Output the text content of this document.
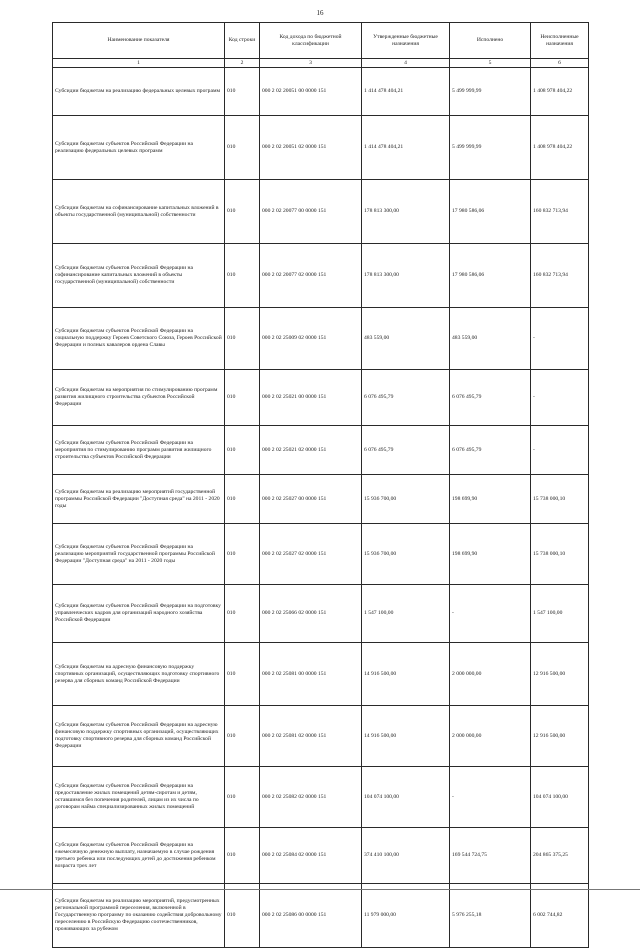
16
Наименование показателя	Код строки	Код дохода по бюджетной классификации	Утвержденные бюджетные назначения	Исполнено	Неисполненные назначения
1	2	3	4	5	6
Субсидии бюджетам на реализацию федеральных целевых программ	010	000 2 02 20051 00 0000 151	1 414 478 404,21	5 499 999,99	1 408 978 404,22
Субсидии бюджетам субъектов Российской Федерации на реализацию федеральных целевых программ	010	000 2 02 20051 02 0000 151	1 414 478 404,21	5 499 999,99	1 408 978 404,22
Субсидии бюджетам на софинансирование капитальных вложений в объекты государственной (муниципальной) собственности	010	000 2 02 20077 00 0000 151	178 813 300,00	17 980 586,06	160 832 713,94
Субсидии бюджетам субъектов Российской Федерации на софинансирование капитальных вложений в объекты государственной (муниципальной) собственности	010	000 2 02 20077 02 0000 151	178 813 300,00	17 980 586,06	160 832 713,94
Субсидии бюджетам субъектов Российской Федерации на социальную поддержку Героев Советского Союза, Героев Российской Федерации и полных кавалеров ордена Славы	010	000 2 02 25009 02 0000 151	483 559,00	483 559,00	-
Субсидии бюджетам на мероприятия по стимулированию программ развития жилищного строительства субъектов Российской Федерации	010	000 2 02 25021 00 0000 151	6 076 495,79	6 076 495,79	-
Субсидии бюджетам субъектов Российской Федерации на мероприятия по стимулированию программ развития жилищного строительства субъектов Российской Федерации	010	000 2 02 25021 02 0000 151	6 076 495,79	6 076 495,79	-
Субсидии бюджетам на реализацию мероприятий государственной программы Российской Федерации "Доступная среда" на 2011 - 2020 годы	010	000 2 02 25027 00 0000 151	15 936 700,00	198 699,90	15 738 000,10
Субсидии бюджетам субъектов Российской Федерации на реализацию мероприятий государственной программы Российской Федерации "Доступная среда" на 2011 - 2020 годы	010	000 2 02 25027 02 0000 151	15 936 700,00	198 699,90	15 738 000,10
Субсидии бюджетам субъектов Российской Федерации на подготовку управленческих кадров для организаций народного хозяйства Российской Федерации	010	000 2 02 25066 02 0000 151	1 547 100,00	-	1 547 100,00
Субсидии бюджетам на адресную финансовую поддержку спортивных организаций, осуществляющих подготовку спортивного резерва для сборных команд Российской Федерации	010	000 2 02 25081 00 0000 151	14 916 500,00	2 000 000,00	12 916 500,00
Субсидии бюджетам субъектов Российской Федерации на адресную финансовую поддержку спортивных организаций, осуществляющих подготовку спортивного резерва для сборных команд Российской Федерации	010	000 2 02 25081 02 0000 151	14 916 500,00	2 000 000,00	12 916 500,00
Субсидии бюджетам субъектов Российской Федерации на предоставление жилых помещений детям-сиротам и детям, оставшимся без попечения родителей, лицам из их числа по договорам найма специализированных жилых помещений	010	000 2 02 25082 02 0000 151	104 074 100,00	-	104 074 100,00
Субсидии бюджетам субъектов Российской Федерации на ежемесячную денежную выплату, назначаемую в случае рождения третьего ребенка или последующих детей до достижения ребенком возраста трех лет	010	000 2 02 25084 02 0000 151	374 410 100,00	169 544 724,75	204 865 375,25
Субсидии бюджетам на реализацию мероприятий, предусмотренных региональной программой переселения, включенной в Государственную программу по оказанию содействия добровольному переселению в Российскую Федерацию соотечественников, проживающих за рубежом	010	000 2 02 25086 00 0000 151	11 979 000,00	5 976 255,18	6 002 744,82
